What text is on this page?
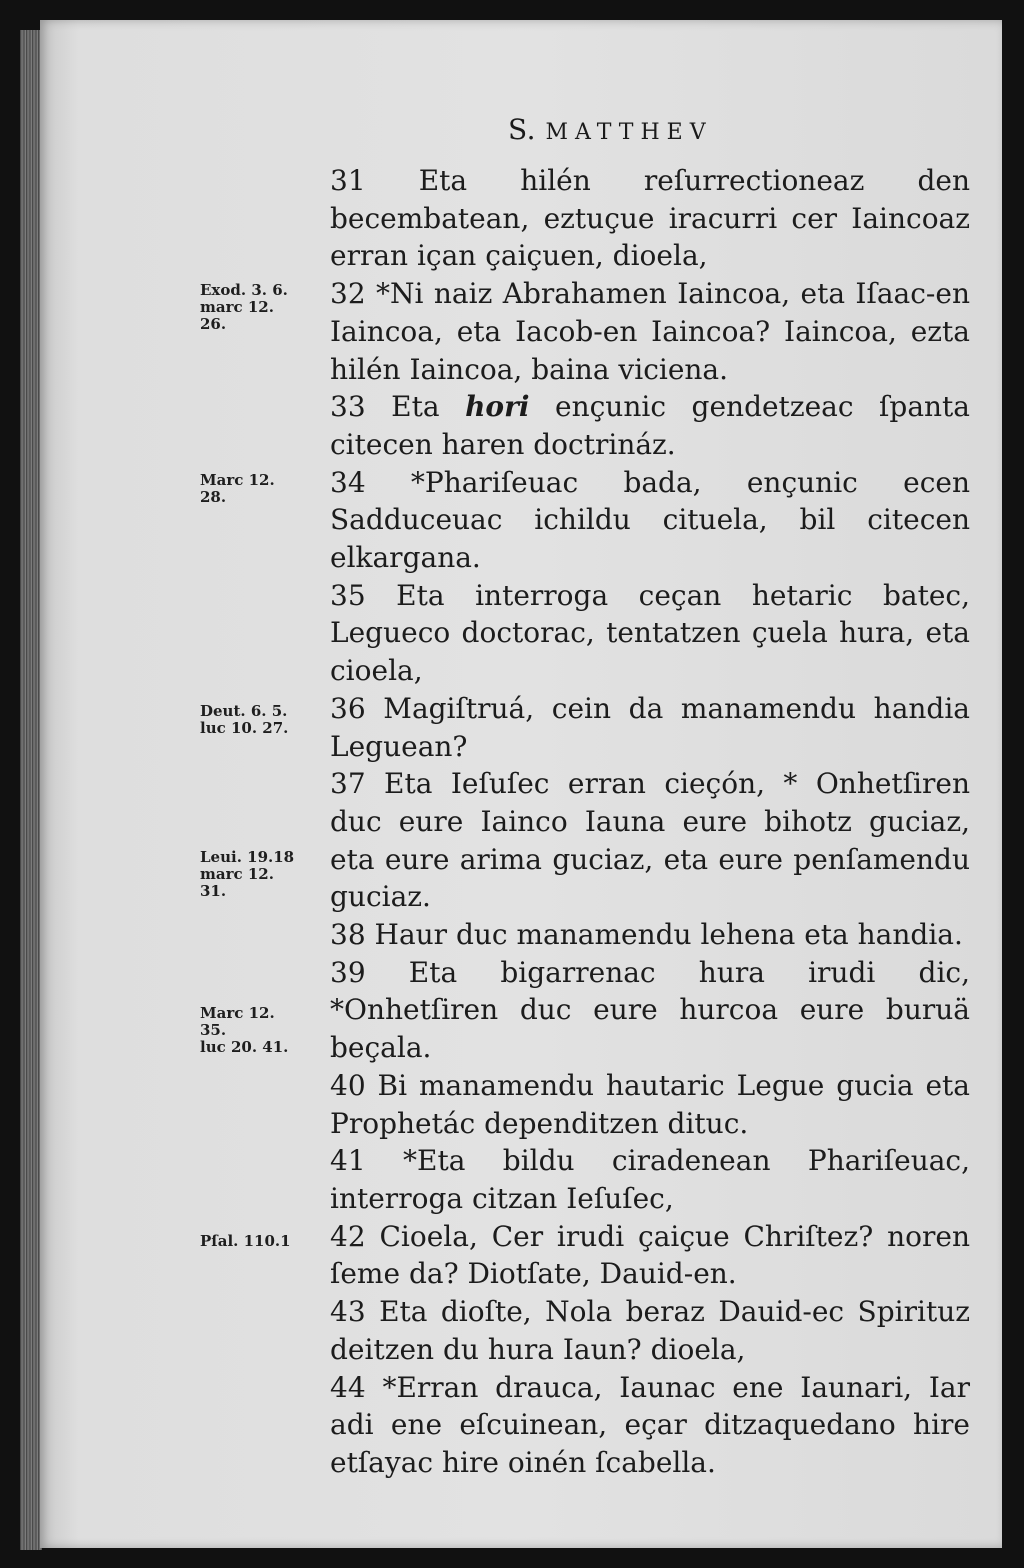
S. MATTHEV

31 Eta hilén reſurrectioneaz den becembatean, eztuçue iracurri cer Iaincoaz erran içan çaiçuen, dioela,

32 *Ni naiz Abrahamen Iaincoa, eta Iſaac-en Iaincoa, eta Iacob-en Iaincoa? Iaincoa, ezta hilén Iaincoa, baina viciena.

33 Eta hori ençunic gendetzeac ſpanta citecen haren doctrináz.

34 *Phariſeuac bada, ençunic ecen Sadduceuac ichildu cituela, bil citecen elkargana.

35 Eta interroga ceçan hetaric batec, Legueco doctorac, tentatzen çuela hura, eta cioela,

36 Magiſtruá, cein da manamendu handia Leguean?

37 Eta Ieſuſec erran cieçón, * Onhetſiren duc eure Iainco Iauna eure bihotz guciaz, eta eure arima guciaz, eta eure penſamendu guciaz.

38 Haur duc manamendu lehena eta handia.

39 Eta bigarrenac hura irudi dic, *Onhetſiren duc eure hurcoa eure buruä beçala.

40 Bi manamendu hautaric Legue gucia eta Prophetác dependitzen dituc.

41 *Eta bildu ciradenean Phariſeuac, interroga citzan Ieſuſec,

42 Cioela, Cer irudi çaiçue Chriſtez? noren ſeme da? Diotſate, Dauid-en.

43 Eta dioſte, Nola beraz Dauid-ec Spirituz deitzen du hura Iaun? dioela,

44 *Erran drauca, Iaunac ene Iaunari, Iar adi ene eſcuinean, eçar ditzaquedano hire etſayac hire oinén ſcabella.

Exod. 3. 6.
marc 12.
26.
Marc 12.
28.
Deut. 6. 5.
luc 10. 27.
Leui. 19.18
marc 12.
31.
Marc 12.
35.
luc 20. 41.
Pſal. 110.1
